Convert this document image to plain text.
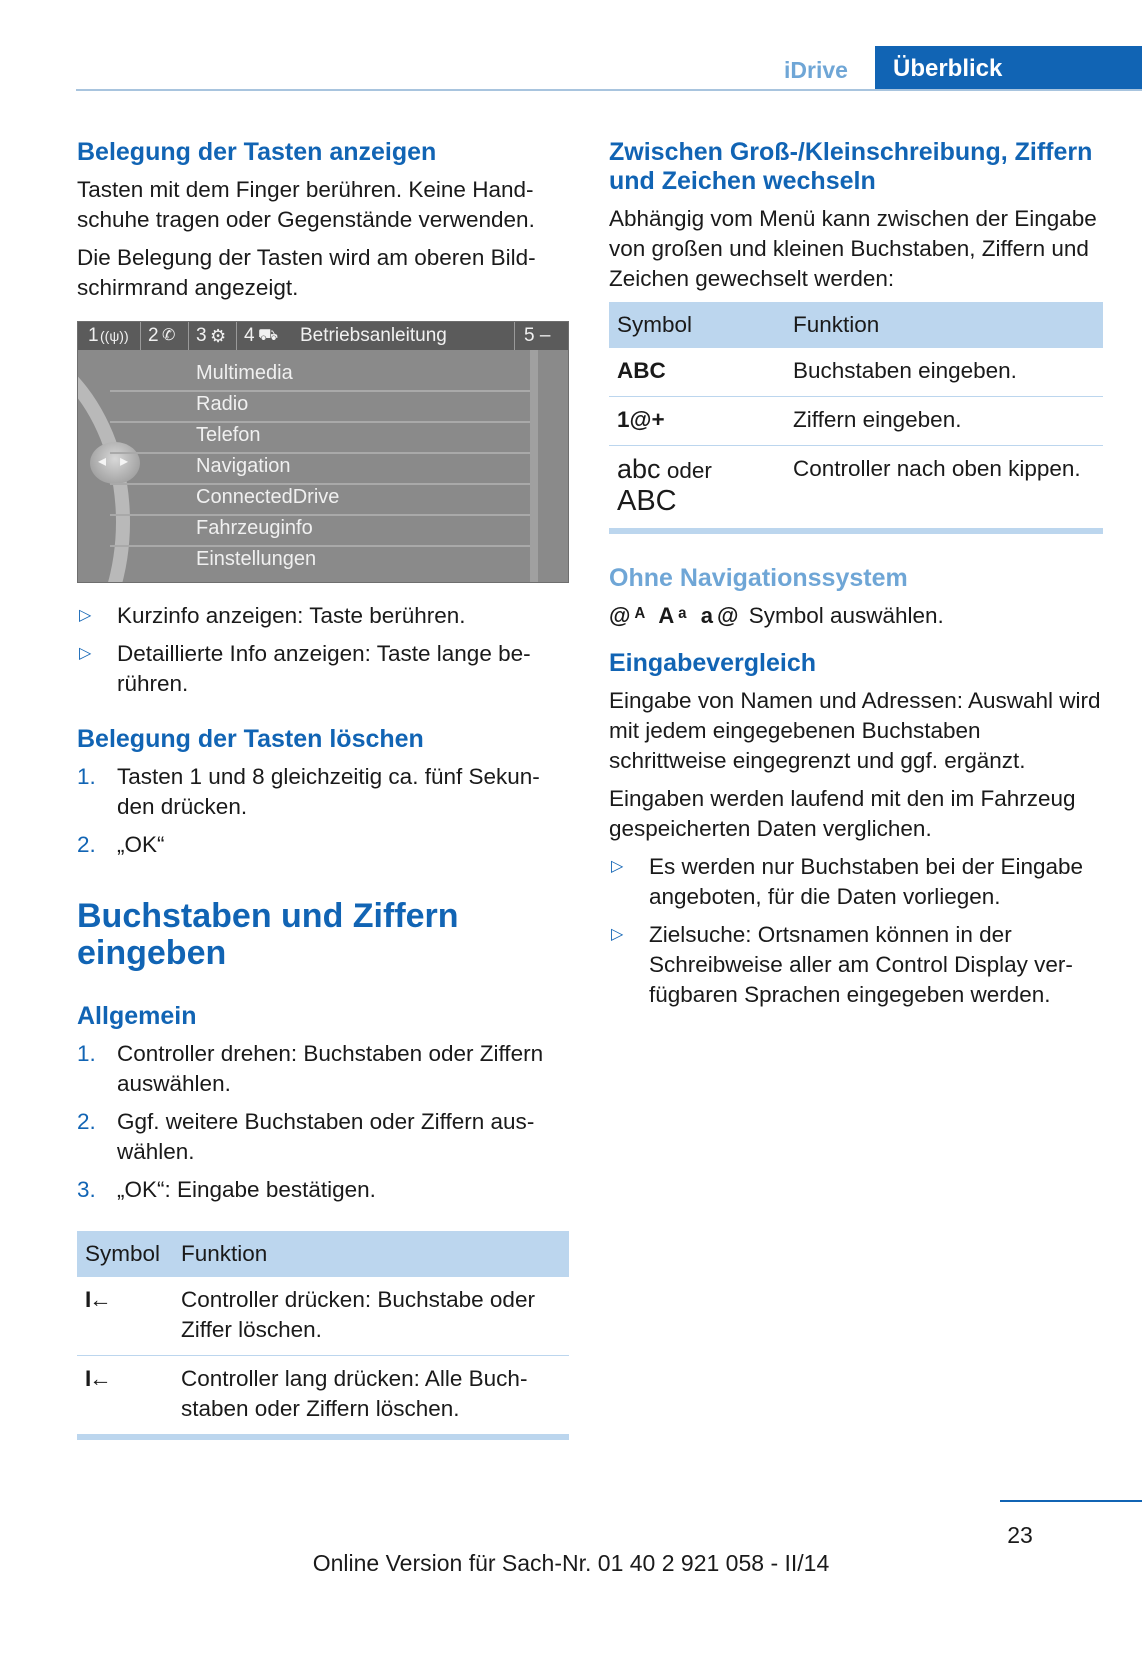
iDrive	Überblick
Belegung der Tasten anzeigen

Tasten mit dem Finger berühren. Keine Handschuhe tragen oder Gegenstände verwenden.

Die Belegung der Tasten wird am oberen Bildschirmrand angezeigt.

1 ((ψ)) 2 ✆ 3 ⚙ 4 ⛟ Betriebsanleitung	5 –
◂ ▸
Multimedia
Radio
Telefon
Navigation
ConnectedDrive
Fahrzeuginfo
Einstellungen
▷ Kurzinfo anzeigen: Taste berühren.
▷ Detaillierte Info anzeigen: Taste lange berühren.
Belegung der Tasten löschen
1. Tasten 1 und 8 gleichzeitig ca. fünf Sekunden drücken.
2. „OK“
Buchstaben und Ziffern eingeben
Allgemein
1. Controller drehen: Buchstaben oder Ziffern auswählen.
2. Ggf. weitere Buchstaben oder Ziffern auswählen.
3. „OK“: Eingabe bestätigen.
Symbol	Funktion
I←	Controller drücken: Buchstabe oder Ziffer löschen.
I←	Controller lang drücken: Alle Buchstaben oder Ziffern löschen.
Zwischen Groß-/Kleinschreibung, Ziffern und Zeichen wechseln

Abhängig vom Menü kann zwischen der Eingabe von großen und kleinen Buchstaben, Ziffern und Zeichen gewechselt werden:

Symbol	Funktion
ABC	Buchstaben eingeben.
1@+	Ziffern eingeben.
abc oder
ABC	Controller nach oben kippen.
Ohne Navigationssystem

@ᴬ Aᵃ a@ Symbol auswählen.

Eingabevergleich

Eingabe von Namen und Adressen: Auswahl wird mit jedem eingegebenen Buchstaben schrittweise eingegrenzt und ggf. ergänzt.

Eingaben werden laufend mit den im Fahrzeug gespeicherten Daten verglichen.

▷ Es werden nur Buchstaben bei der Eingabe angeboten, für die Daten vorliegen.
▷ Zielsuche: Ortsnamen können in der Schreibweise aller am Control Display verfügbaren Sprachen eingegeben werden.
23
Online Version für Sach-Nr. 01 40 2 921 058 - II/14
